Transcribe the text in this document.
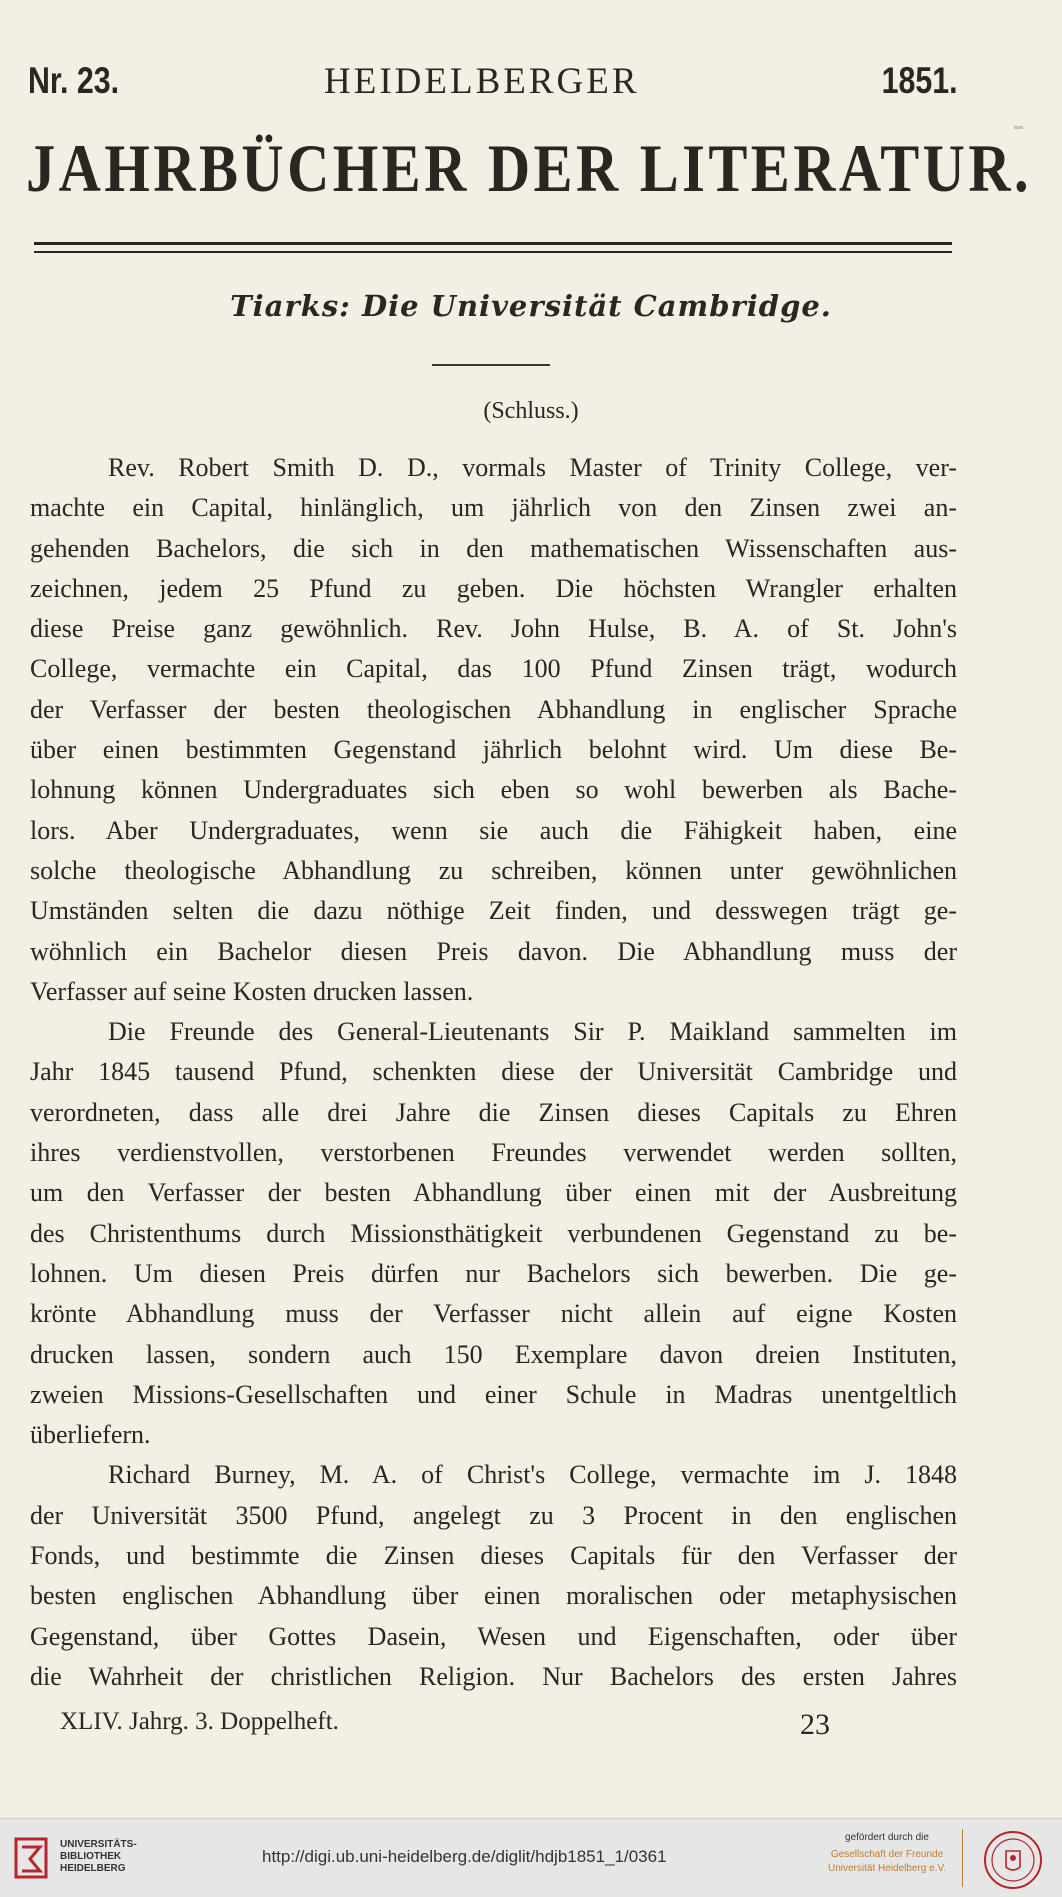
Nr. 23.	HEIDELBERGER	1851.
JAHRBÜCHER DER LITERATUR.
Tiarks: Die Universität Cambridge.
(Schluss.)
Rev. Robert Smith D. D., vormals Master of Trinity College, ver-
machte ein Capital, hinlänglich, um jährlich von den Zinsen zwei an-
gehenden Bachelors, die sich in den mathematischen Wissenschaften aus-
zeichnen, jedem 25 Pfund zu geben. Die höchsten Wrangler erhalten
diese Preise ganz gewöhnlich. Rev. John Hulse, B. A. of St. John's
College, vermachte ein Capital, das 100 Pfund Zinsen trägt, wodurch
der Verfasser der besten theologischen Abhandlung in englischer Sprache
über einen bestimmten Gegenstand jährlich belohnt wird. Um diese Be-
lohnung können Undergraduates sich eben so wohl bewerben als Bache-
lors. Aber Undergraduates, wenn sie auch die Fähigkeit haben, eine
solche theologische Abhandlung zu schreiben, können unter gewöhnlichen
Umständen selten die dazu nöthige Zeit finden, und desswegen trägt ge-
wöhnlich ein Bachelor diesen Preis davon. Die Abhandlung muss der
Verfasser auf seine Kosten drucken lassen.
Die Freunde des General-Lieutenants Sir P. Maikland sammelten im
Jahr 1845 tausend Pfund, schenkten diese der Universität Cambridge und
verordneten, dass alle drei Jahre die Zinsen dieses Capitals zu Ehren
ihres verdienstvollen, verstorbenen Freundes verwendet werden sollten,
um den Verfasser der besten Abhandlung über einen mit der Ausbreitung
des Christenthums durch Missionsthätigkeit verbundenen Gegenstand zu be-
lohnen. Um diesen Preis dürfen nur Bachelors sich bewerben. Die ge-
krönte Abhandlung muss der Verfasser nicht allein auf eigne Kosten
drucken lassen, sondern auch 150 Exemplare davon dreien Instituten,
zweien Missions-Gesellschaften und einer Schule in Madras unentgeltlich
überliefern.
Richard Burney, M. A. of Christ's College, vermachte im J. 1848
der Universität 3500 Pfund, angelegt zu 3 Procent in den englischen
Fonds, und bestimmte die Zinsen dieses Capitals für den Verfasser der
besten englischen Abhandlung über einen moralischen oder metaphysischen
Gegenstand, über Gottes Dasein, Wesen und Eigenschaften, oder über
die Wahrheit der christlichen Religion. Nur Bachelors des ersten Jahres
XLIV. Jahrg. 3. Doppelheft.	23
UNIVERSITÄTS-
BIBLIOTHEK
HEIDELBERG
http://digi.ub.uni-heidelberg.de/diglit/hdjb1851_1/0361
gefördert durch die
Gesellschaft der Freunde
Universität Heidelberg e.V.
